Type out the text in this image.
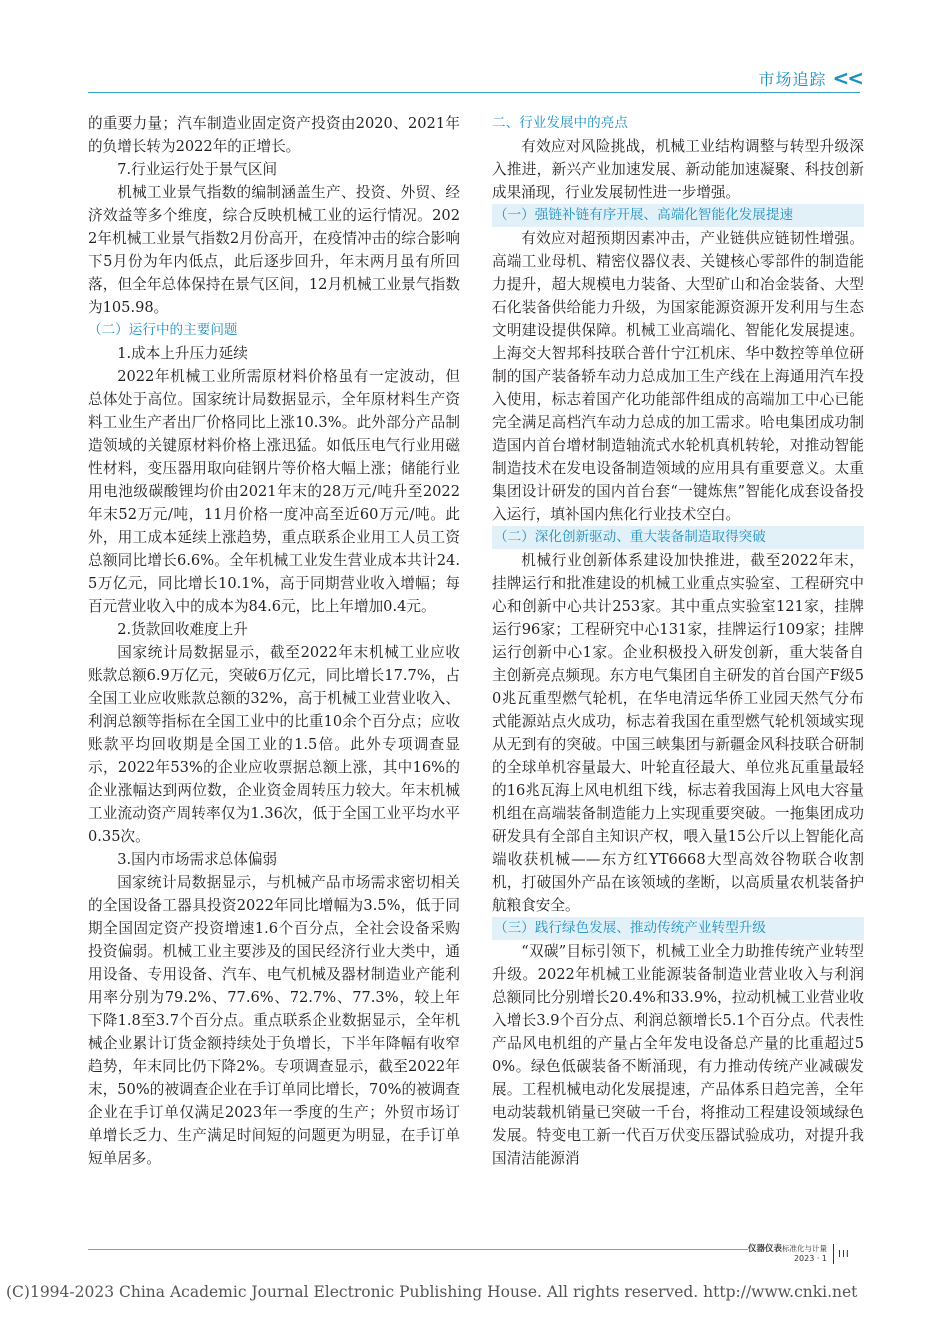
市场追踪 <<
的重要力量；汽车制造业固定资产投资由2020、2021年的负增长转为2022年的正增长。
7.行业运行处于景气区间
机械工业景气指数的编制涵盖生产、投资、外贸、经济效益等多个维度，综合反映机械工业的运行情况。2022年机械工业景气指数2月份高开，在疫情冲击的综合影响下5月份为年内低点，此后逐步回升，年末两月虽有所回落，但全年总体保持在景气区间，12月机械工业景气指数为105.98。
（二）运行中的主要问题
1.成本上升压力延续
2022年机械工业所需原材料价格虽有一定波动，但总体处于高位。国家统计局数据显示，全年原材料生产资料工业生产者出厂价格同比上涨10.3%。此外部分产品制造领域的关键原材料价格上涨迅猛。如低压电气行业用磁性材料，变压器用取向硅钢片等价格大幅上涨；储能行业用电池级碳酸锂均价由2021年末的28万元/吨升至2022年末52万元/吨，11月价格一度冲高至近60万元/吨。此外，用工成本延续上涨趋势，重点联系企业用工人员工资总额同比增长6.6%。全年机械工业发生营业成本共计24.5万亿元，同比增长10.1%，高于同期营业收入增幅；每百元营业收入中的成本为84.6元，比上年增加0.4元。
2.货款回收难度上升
国家统计局数据显示，截至2022年末机械工业应收账款总额6.9万亿元，突破6万亿元，同比增长17.7%，占全国工业应收账款总额的32%，高于机械工业营业收入、利润总额等指标在全国工业中的比重10余个百分点；应收账款平均回收期是全国工业的1.5倍。此外专项调查显示，2022年53%的企业应收票据总额上涨，其中16%的企业涨幅达到两位数，企业资金周转压力较大。年末机械工业流动资产周转率仅为1.36次，低于全国工业平均水平0.35次。
3.国内市场需求总体偏弱
国家统计局数据显示，与机械产品市场需求密切相关的全国设备工器具投资2022年同比增幅为3.5%，低于同期全国固定资产投资增速1.6个百分点，全社会设备采购投资偏弱。机械工业主要涉及的国民经济行业大类中，通用设备、专用设备、汽车、电气机械及器材制造业产能利用率分别为79.2%、77.6%、72.7%、77.3%，较上年下降1.8至3.7个百分点。重点联系企业数据显示，全年机械企业累计订货金额持续处于负增长，下半年降幅有收窄趋势，年末同比仍下降2%。专项调查显示，截至2022年末，50%的被调查企业在手订单同比增长，70%的被调查企业在手订单仅满足2023年一季度的生产；外贸市场订单增长乏力、生产满足时间短的问题更为明显，在手订单短单居多。
二、行业发展中的亮点
有效应对风险挑战，机械工业结构调整与转型升级深入推进，新兴产业加速发展、新动能加速凝聚、科技创新成果涌现，行业发展韧性进一步增强。
（一）强链补链有序开展、高端化智能化发展提速
有效应对超预期因素冲击，产业链供应链韧性增强。高端工业母机、精密仪器仪表、关键核心零部件的制造能力提升，超大规模电力装备、大型矿山和冶金装备、大型石化装备供给能力升级，为国家能源资源开发利用与生态文明建设提供保障。机械工业高端化、智能化发展提速。上海交大智邦科技联合普什宁江机床、华中数控等单位研制的国产装备轿车动力总成加工生产线在上海通用汽车投入使用，标志着国产化功能部件组成的高端加工中心已能完全满足高档汽车动力总成的加工需求。哈电集团成功制造国内首台增材制造轴流式水轮机真机转轮，对推动智能制造技术在发电设备制造领域的应用具有重要意义。太重集团设计研发的国内首台套“一键炼焦”智能化成套设备投入运行，填补国内焦化行业技术空白。
（二）深化创新驱动、重大装备制造取得突破
机械行业创新体系建设加快推进，截至2022年末，挂牌运行和批准建设的机械工业重点实验室、工程研究中心和创新中心共计253家。其中重点实验室121家，挂牌运行96家；工程研究中心131家，挂牌运行109家；挂牌运行创新中心1家。企业积极投入研发创新，重大装备自主创新亮点频现。东方电气集团自主研发的首台国产F级50兆瓦重型燃气轮机，在华电清远华侨工业园天然气分布式能源站点火成功，标志着我国在重型燃气轮机领域实现从无到有的突破。中国三峡集团与新疆金风科技联合研制的全球单机容量最大、叶轮直径最大、单位兆瓦重量最轻的16兆瓦海上风电机组下线，标志着我国海上风电大容量机组在高端装备制造能力上实现重要突破。一拖集团成功研发具有全部自主知识产权，喂入量15公斤以上智能化高端收获机械——东方红YT6668大型高效谷物联合收割机，打破国外产品在该领域的垄断，以高质量农机装备护航粮食安全。
（三）践行绿色发展、推动传统产业转型升级
“双碳”目标引领下，机械工业全力助推传统产业转型升级。2022年机械工业能源装备制造业营业收入与利润总额同比分别增长20.4%和33.9%，拉动机械工业营业收入增长3.9个百分点、利润总额增长5.1个百分点。代表性产品风电机组的产量占全年发电设备总产量的比重超过50%。绿色低碳装备不断涌现，有力推动传统产业减碳发展。工程机械电动化发展提速，产品体系日趋完善，全年电动装载机销量已突破一千台，将推动工程建设领域绿色发展。特变电工新一代百万伏变压器试验成功，对提升我国清洁能源消
仪器仪表标准化与计量
2023 · 1 III
(C)1994-2023 China Academic Journal Electronic Publishing House. All rights reserved. http://www.cnki.net
